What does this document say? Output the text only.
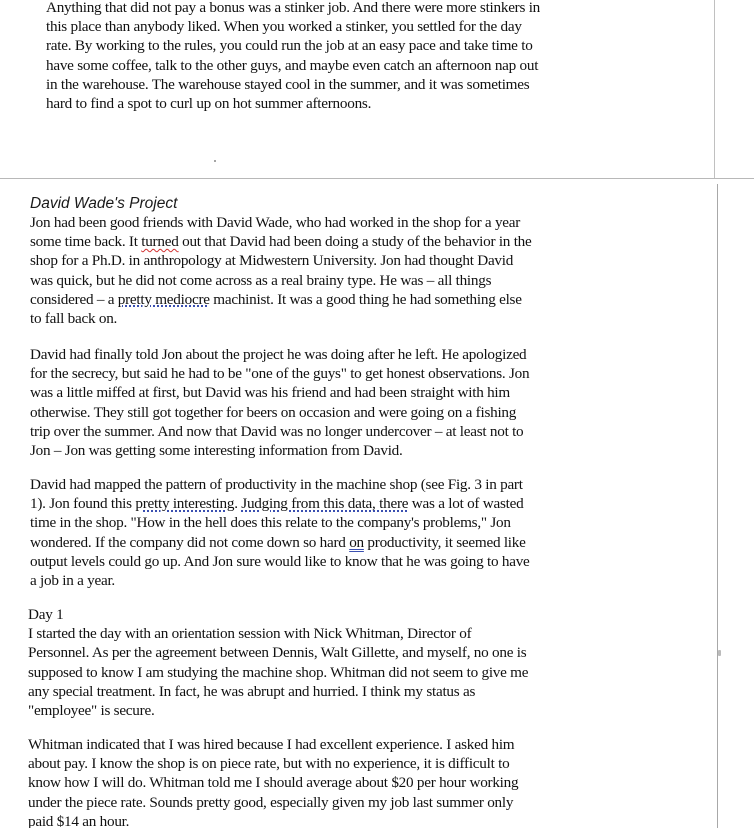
Anything that did not pay a bonus was a stinker job. And there were more stinkers in
this place than anybody liked. When you worked a stinker, you settled for the day
rate. By working to the rules, you could run the job at an easy pace and take time to
have some coffee, talk to the other guys, and maybe even catch an afternoon nap out
in the warehouse. The warehouse stayed cool in the summer, and it was sometimes
hard to find a spot to curl up on hot summer afternoons.
David Wade's Project
Jon had been good friends with David Wade, who had worked in the shop for a year
some time back. It turned out that David had been doing a study of the behavior in the
shop for a Ph.D. in anthropology at Midwestern University. Jon had thought David
was quick, but he did not come across as a real brainy type. He was – all things
considered – a pretty mediocre machinist. It was a good thing he had something else
to fall back on.
David had finally told Jon about the project he was doing after he left. He apologized
for the secrecy, but said he had to be "one of the guys" to get honest observations. Jon
was a little miffed at first, but David was his friend and had been straight with him
otherwise. They still got together for beers on occasion and were going on a fishing
trip over the summer. And now that David was no longer undercover – at least not to
Jon – Jon was getting some interesting information from David.
David had mapped the pattern of productivity in the machine shop (see Fig. 3 in part
1). Jon found this pretty interesting. Judging from this data, there was a lot of wasted
time in the shop. "How in the hell does this relate to the company's problems," Jon
wondered. If the company did not come down so hard on productivity, it seemed like
output levels could go up. And Jon sure would like to know that he was going to have
a job in a year.
Day 1
I started the day with an orientation session with Nick Whitman, Director of
Personnel. As per the agreement between Dennis, Walt Gillette, and myself, no one is
supposed to know I am studying the machine shop. Whitman did not seem to give me
any special treatment. In fact, he was abrupt and hurried. I think my status as
"employee" is secure.
Whitman indicated that I was hired because I had excellent experience. I asked him
about pay. I know the shop is on piece rate, but with no experience, it is difficult to
know how I will do. Whitman told me I should average about $20 per hour working
under the piece rate. Sounds pretty good, especially given my job last summer only
paid $14 an hour.
